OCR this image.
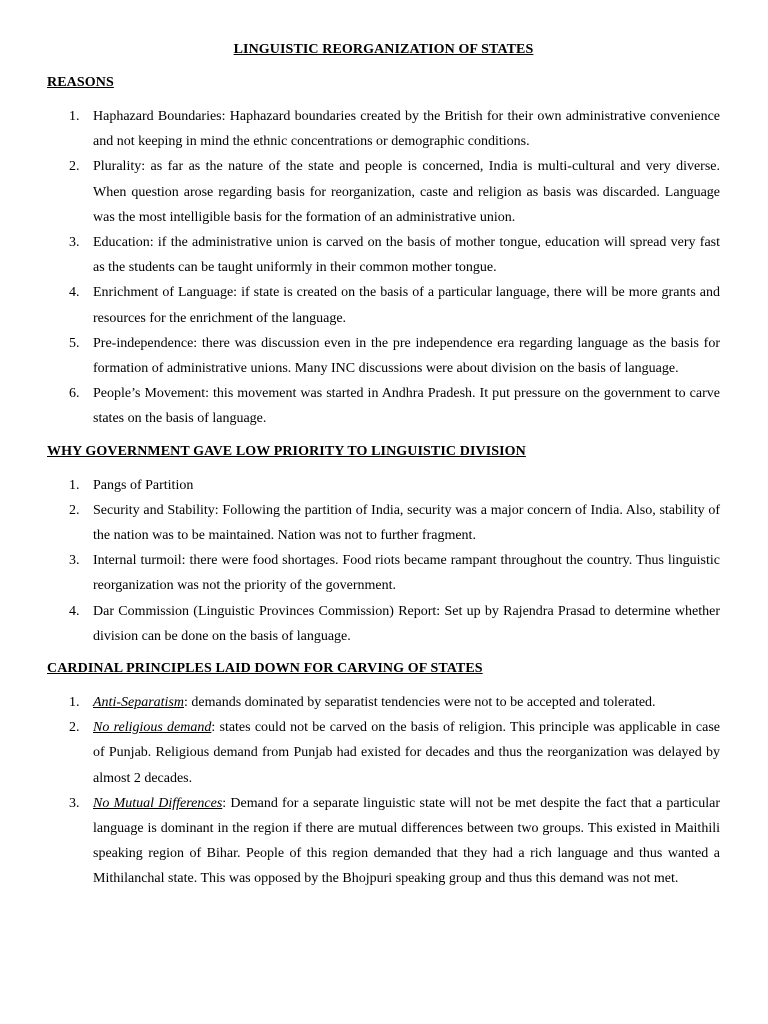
LINGUISTIC REORGANIZATION OF STATES
REASONS
1. Haphazard Boundaries: Haphazard boundaries created by the British for their own administrative convenience and not keeping in mind the ethnic concentrations or demographic conditions.
2. Plurality: as far as the nature of the state and people is concerned, India is multi-cultural and very diverse. When question arose regarding basis for reorganization, caste and religion as basis was discarded. Language was the most intelligible basis for the formation of an administrative union.
3. Education: if the administrative union is carved on the basis of mother tongue, education will spread very fast as the students can be taught uniformly in their common mother tongue.
4. Enrichment of Language: if state is created on the basis of a particular language, there will be more grants and resources for the enrichment of the language.
5. Pre-independence: there was discussion even in the pre independence era regarding language as the basis for formation of administrative unions. Many INC discussions were about division on the basis of language.
6. People’s Movement: this movement was started in Andhra Pradesh. It put pressure on the government to carve states on the basis of language.
WHY GOVERNMENT GAVE LOW PRIORITY TO LINGUISTIC DIVISION
1. Pangs of Partition
2. Security and Stability: Following the partition of India, security was a major concern of India. Also, stability of the nation was to be maintained. Nation was not to further fragment.
3. Internal turmoil: there were food shortages. Food riots became rampant throughout the country. Thus linguistic reorganization was not the priority of the government.
4. Dar Commission (Linguistic Provinces Commission) Report: Set up by Rajendra Prasad to determine whether division can be done on the basis of language.
CARDINAL PRINCIPLES LAID DOWN FOR CARVING OF STATES
1. Anti-Separatism: demands dominated by separatist tendencies were not to be accepted and tolerated.
2. No religious demand: states could not be carved on the basis of religion. This principle was applicable in case of Punjab. Religious demand from Punjab had existed for decades and thus the reorganization was delayed by almost 2 decades.
3. No Mutual Differences: Demand for a separate linguistic state will not be met despite the fact that a particular language is dominant in the region if there are mutual differences between two groups. This existed in Maithili speaking region of Bihar. People of this region demanded that they had a rich language and thus wanted a Mithilanchal state. This was opposed by the Bhojpuri speaking group and thus this demand was not met.
